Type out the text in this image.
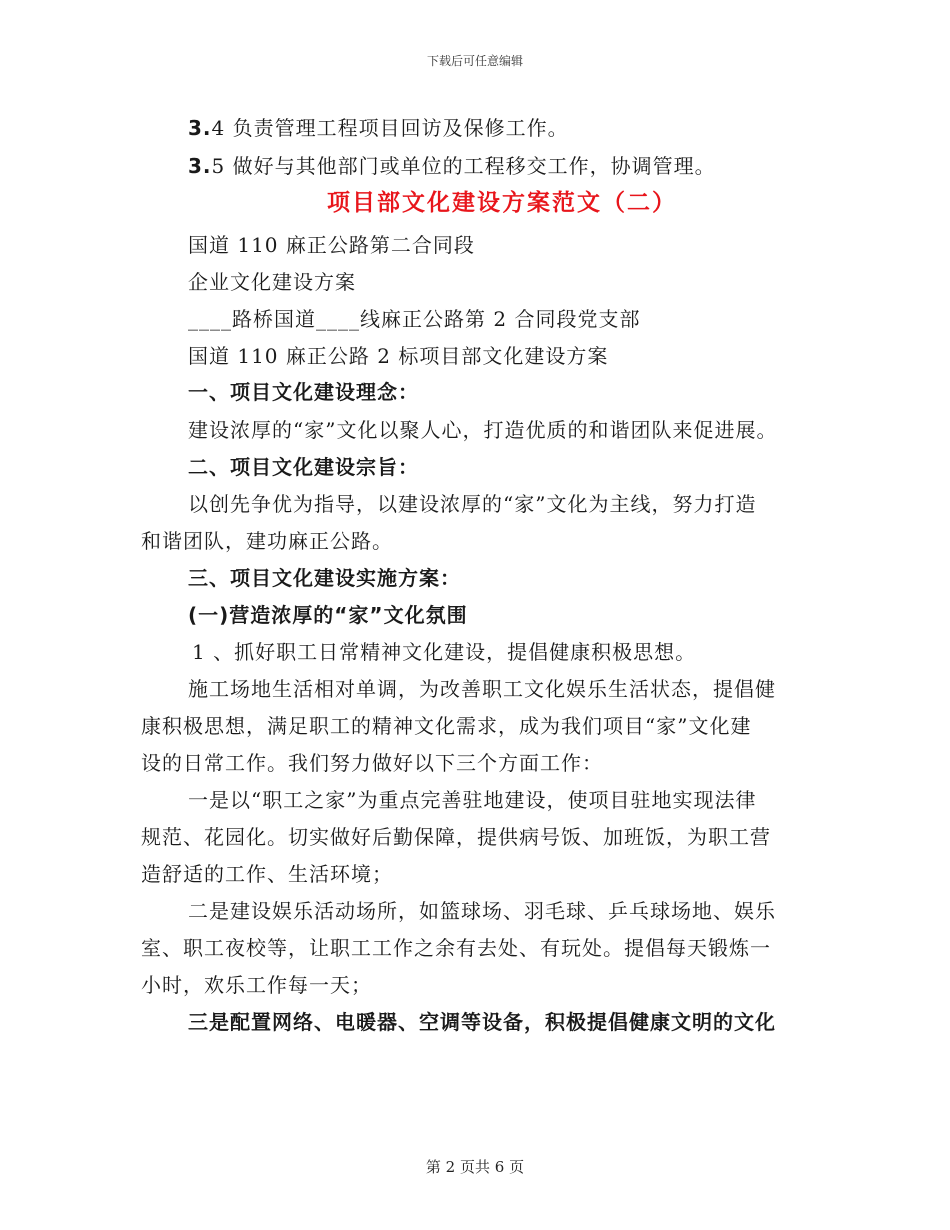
下载后可任意编辑
3.4 负责管理工程项目回访及保修工作。
3.5 做好与其他部门或单位的工程移交工作，协调管理。
项目部文化建设方案范文（二）
国道 110 麻正公路第二合同段
企业文化建设方案
____路桥国道____线麻正公路第 2 合同段党支部
国道 110 麻正公路 2 标项目部文化建设方案
一、项目文化建设理念：
建设浓厚的“家”文化以聚人心，打造优质的和谐团队来促进展。
二、项目文化建设宗旨：
以创先争优为指导，以建设浓厚的“家”文化为主线，努力打造
和谐团队，建功麻正公路。
三、项目文化建设实施方案：
(一)营造浓厚的“家”文化氛围
1 、抓好职工日常精神文化建设，提倡健康积极思想。
施工场地生活相对单调，为改善职工文化娱乐生活状态，提倡健
康积极思想，满足职工的精神文化需求，成为我们项目“家”文化建
设的日常工作。我们努力做好以下三个方面工作：
一是以“职工之家”为重点完善驻地建设，使项目驻地实现法律
规范、花园化。切实做好后勤保障，提供病号饭、加班饭，为职工营
造舒适的工作、生活环境；
二是建设娱乐活动场所，如篮球场、羽毛球、乒乓球场地、娱乐
室、职工夜校等，让职工工作之余有去处、有玩处。提倡每天锻炼一
小时，欢乐工作每一天；
三是配置网络、电暖器、空调等设备，积极提倡健康文明的文化
第 2 页共 6 页
